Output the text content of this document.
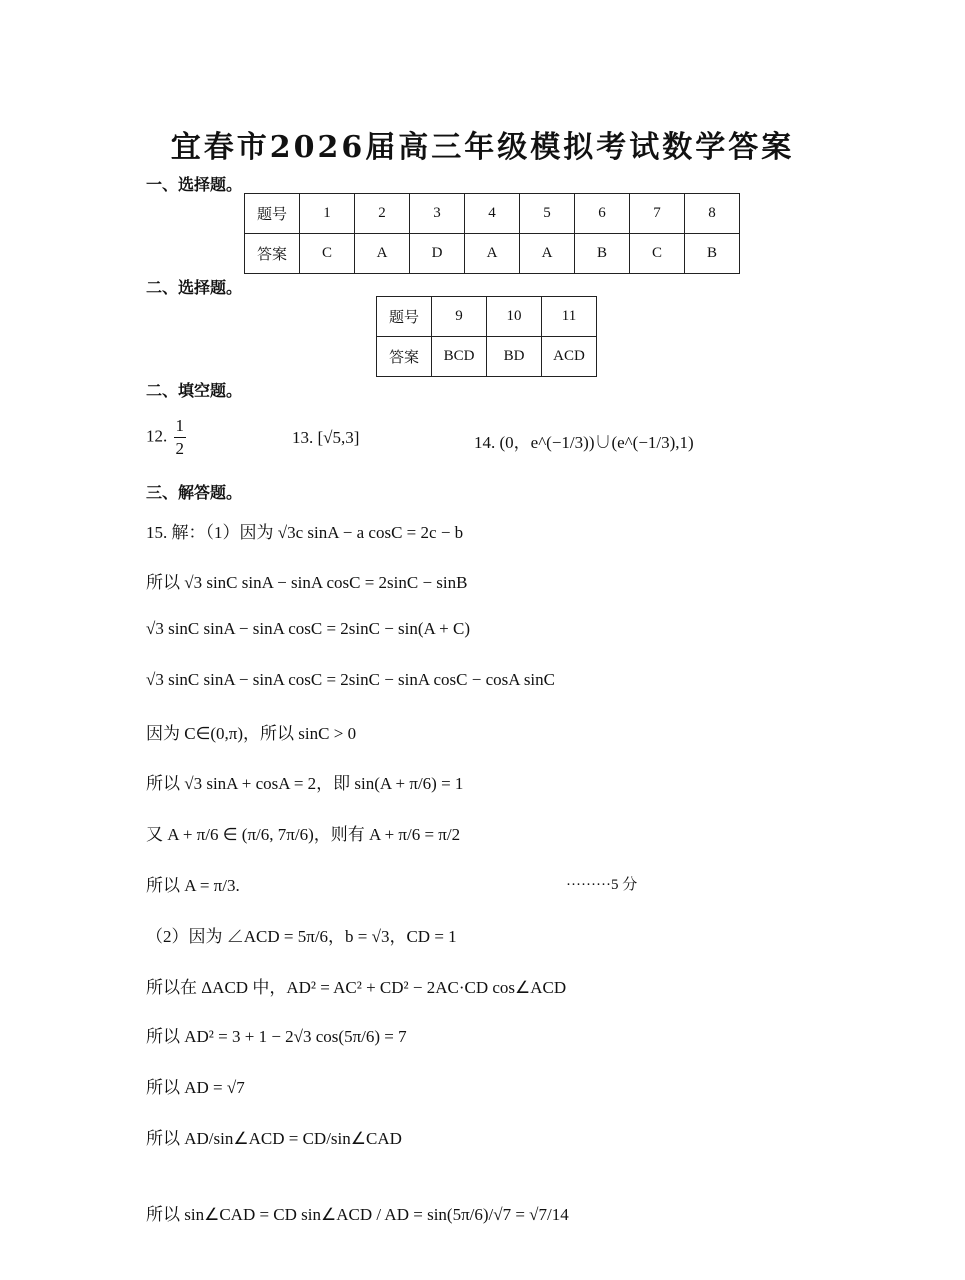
宜春市2026届高三年级模拟考试数学答案
一、选择题。
题号	1	2	3	4	5	6	7	8
答案	C	A	D	A	A	B	C	B
二、选择题。
题号	9	10	11
答案	BCD	BD	ACD
二、填空题。
12. $\frac{1}{2}$	13. [√5,3]	14. (0，e^(−1/3))∪(e^(−1/3),1)
三、解答题。
15. 解：（1）因为 √3c sinA − a cosC = 2c − b
所以 √3 sinC sinA − sinA cosC = 2sinC − sinB
√3 sinC sinA − sinA cosC = 2sinC − sin(A + C)
√3 sinC sinA − sinA cosC = 2sinC − sinA cosC − cosA sinC
因为 C∈(0,π)，所以 sinC > 0
所以 √3 sinA + cosA = 2，即 sin(A + π/6) = 1
又 A + π/6 ∈ (π/6, 7π/6)，则有 A + π/6 = π/2
所以 A = π/3.	·········5 分
（2）因为 ∠ACD = 5π/6，b = √3，CD = 1
所以在 ΔACD 中，AD² = AC² + CD² − 2AC·CD cos∠ACD
所以 AD² = 3 + 1 − 2√3 cos(5π/6) = 7
所以 AD = √7
所以 AD/sin∠ACD = CD/sin∠CAD
所以 sin∠CAD = CD sin∠ACD / AD = sin(5π/6)/√7 = √7/14
